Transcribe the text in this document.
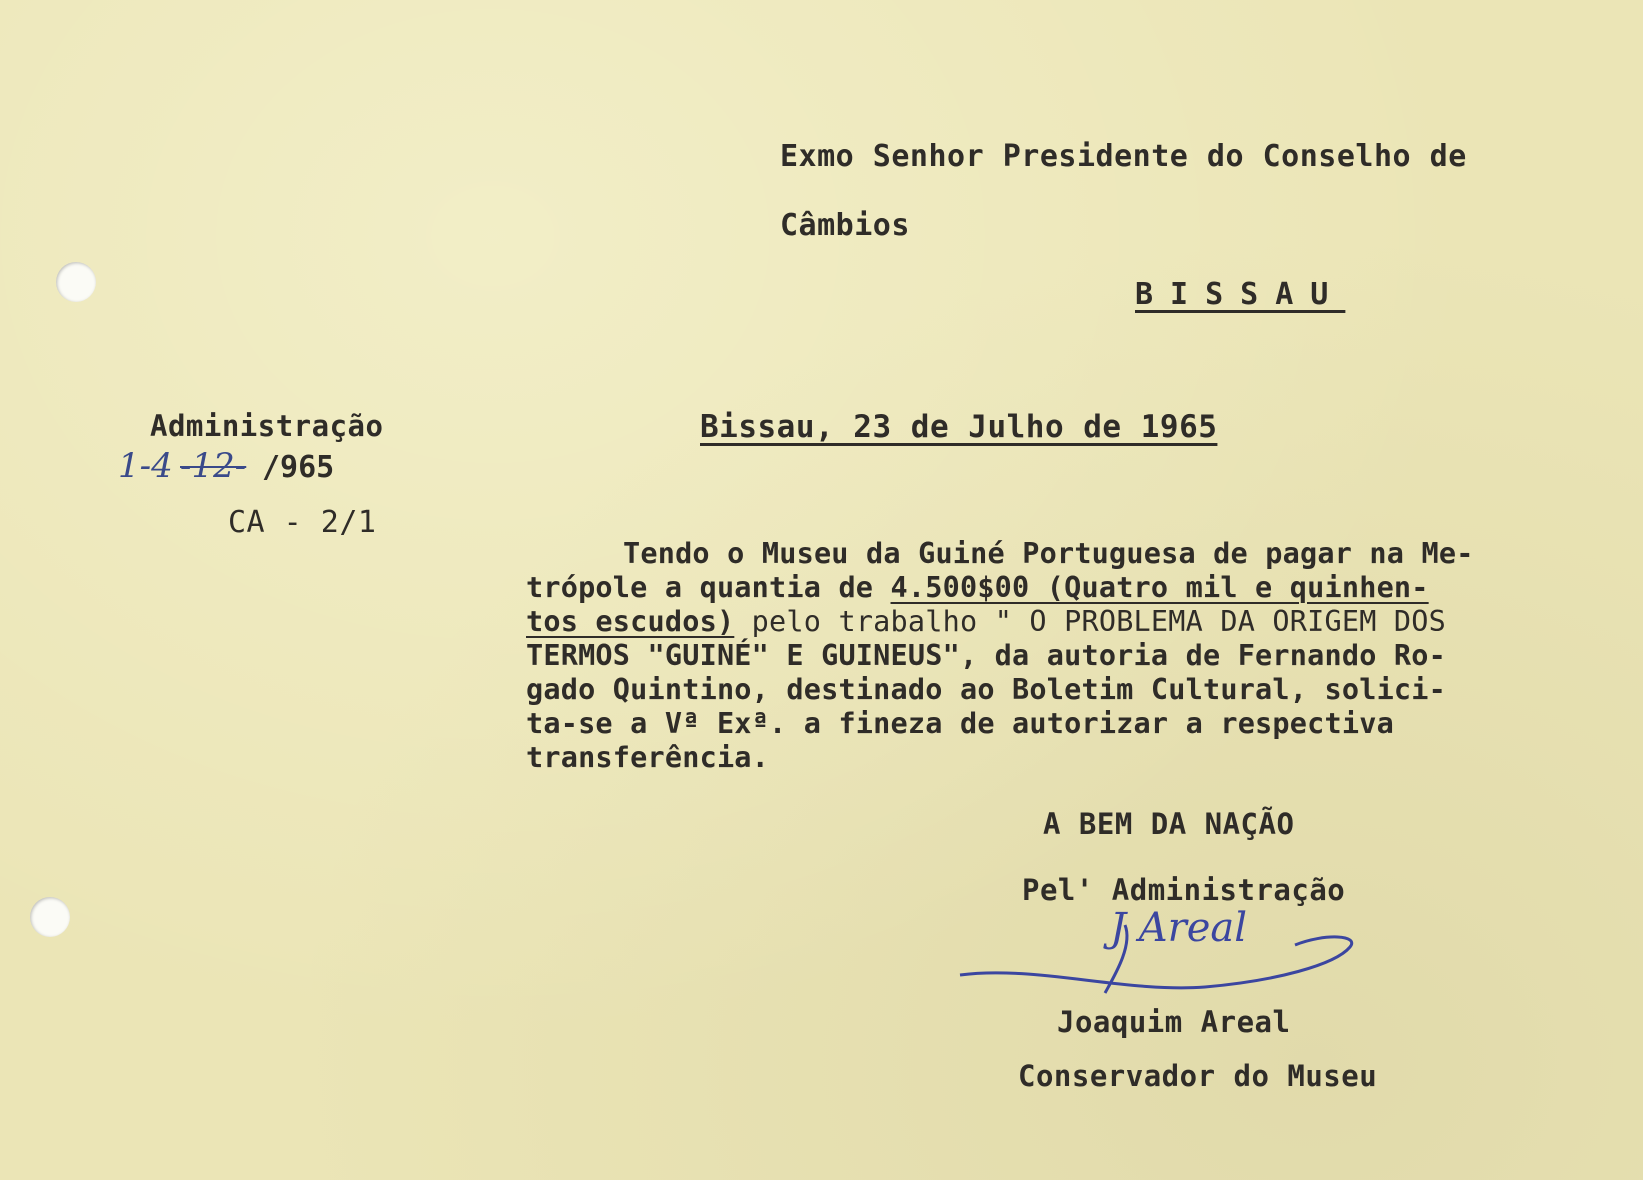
Exmo Senhor Presidente do Conselho de
Câmbios
BISSAU
Administração
1-4 -12- /965
CA - 2/1
Bissau, 23 de Julho de 1965
Tendo o Museu da Guiné Portuguesa de pagar na Me-
trópole a quantia de 4.500$00 (Quatro mil e quinhen-
tos escudos) pelo trabalho " O PROBLEMA DA ORIGEM DOS
TERMOS "GUINÉ" E GUINEUS", da autoria de Fernando Ro-
gado Quintino, destinado ao Boletim Cultural, solici-
ta-se a Vª Exª. a fineza de autorizar a respectiva
transferência.
A BEM DA NAÇÃO
Pel' Administração
J Areal
Joaquim Areal
Conservador do Museu
